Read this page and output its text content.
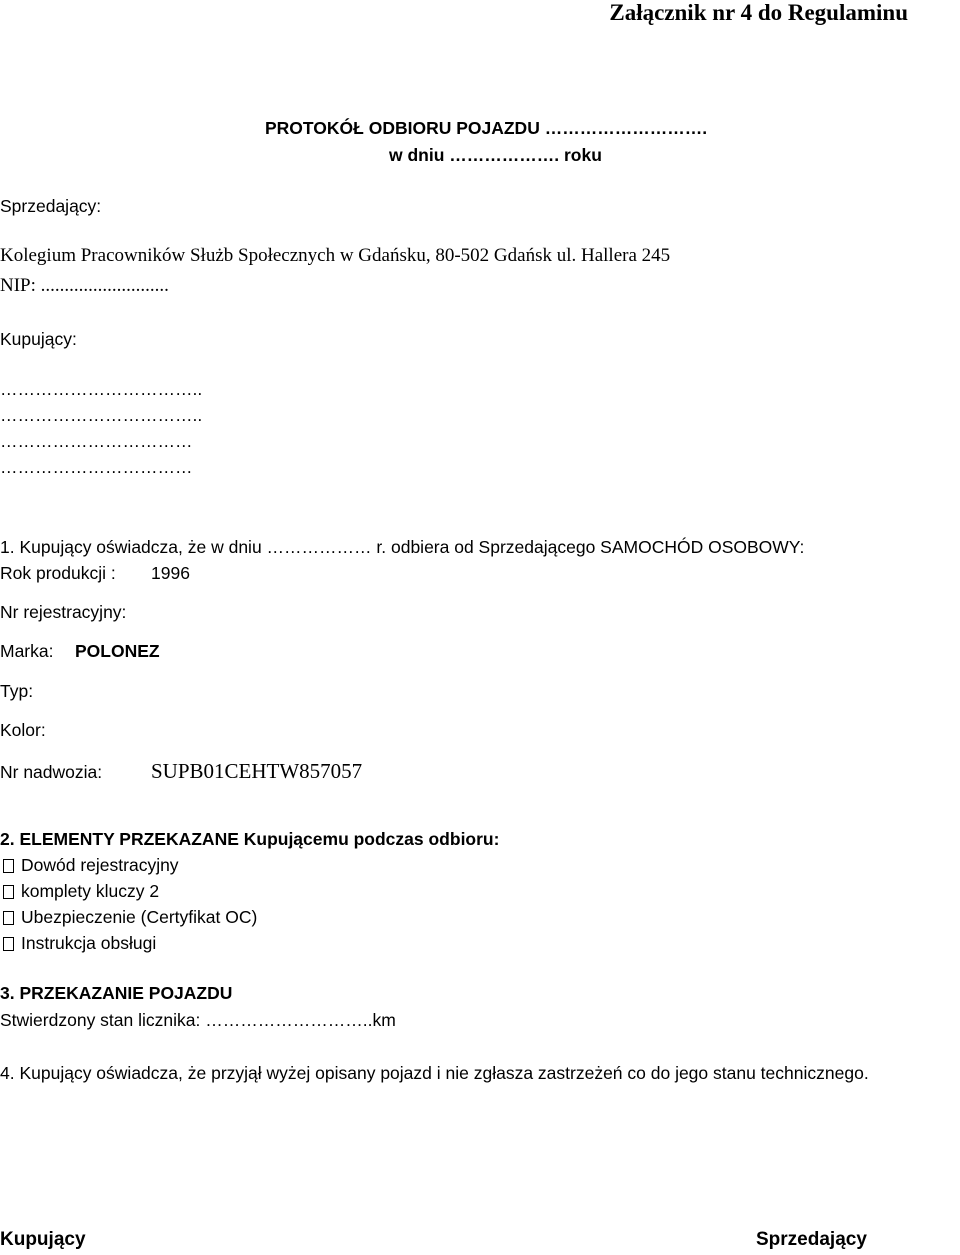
Załącznik nr 4 do Regulaminu
PROTOKÓŁ ODBIORU POJAZDU ……………………….
w dniu ………………. roku
Sprzedający:
Kolegium Pracowników Służb Społecznych w Gdańsku, 80-502 Gdańsk ul. Hallera 245
NIP: ...........................
Kupujący:
……………………………..
……………………………..
……………………………
……………………………
1. Kupujący oświadcza, że w dniu ……………… r. odbiera od Sprzedającego SAMOCHÓD OSOBOWY:
Rok produkcji : 1996
Nr rejestracyjny:
Marka: POLONEZ
Typ:
Kolor:
Nr nadwozia: SUPB01CEHTW857057
2. ELEMENTY PRZEKAZANE Kupującemu podczas odbioru:
Dowód rejestracyjny
komplety kluczy 2
Ubezpieczenie (Certyfikat OC)
Instrukcja obsługi
3. PRZEKAZANIE POJAZDU
Stwierdzony stan licznika: ………………………..km
4. Kupujący oświadcza, że przyjął wyżej opisany pojazd i nie zgłasza zastrzeżeń co do jego stanu technicznego.
Kupujący	Sprzedający
